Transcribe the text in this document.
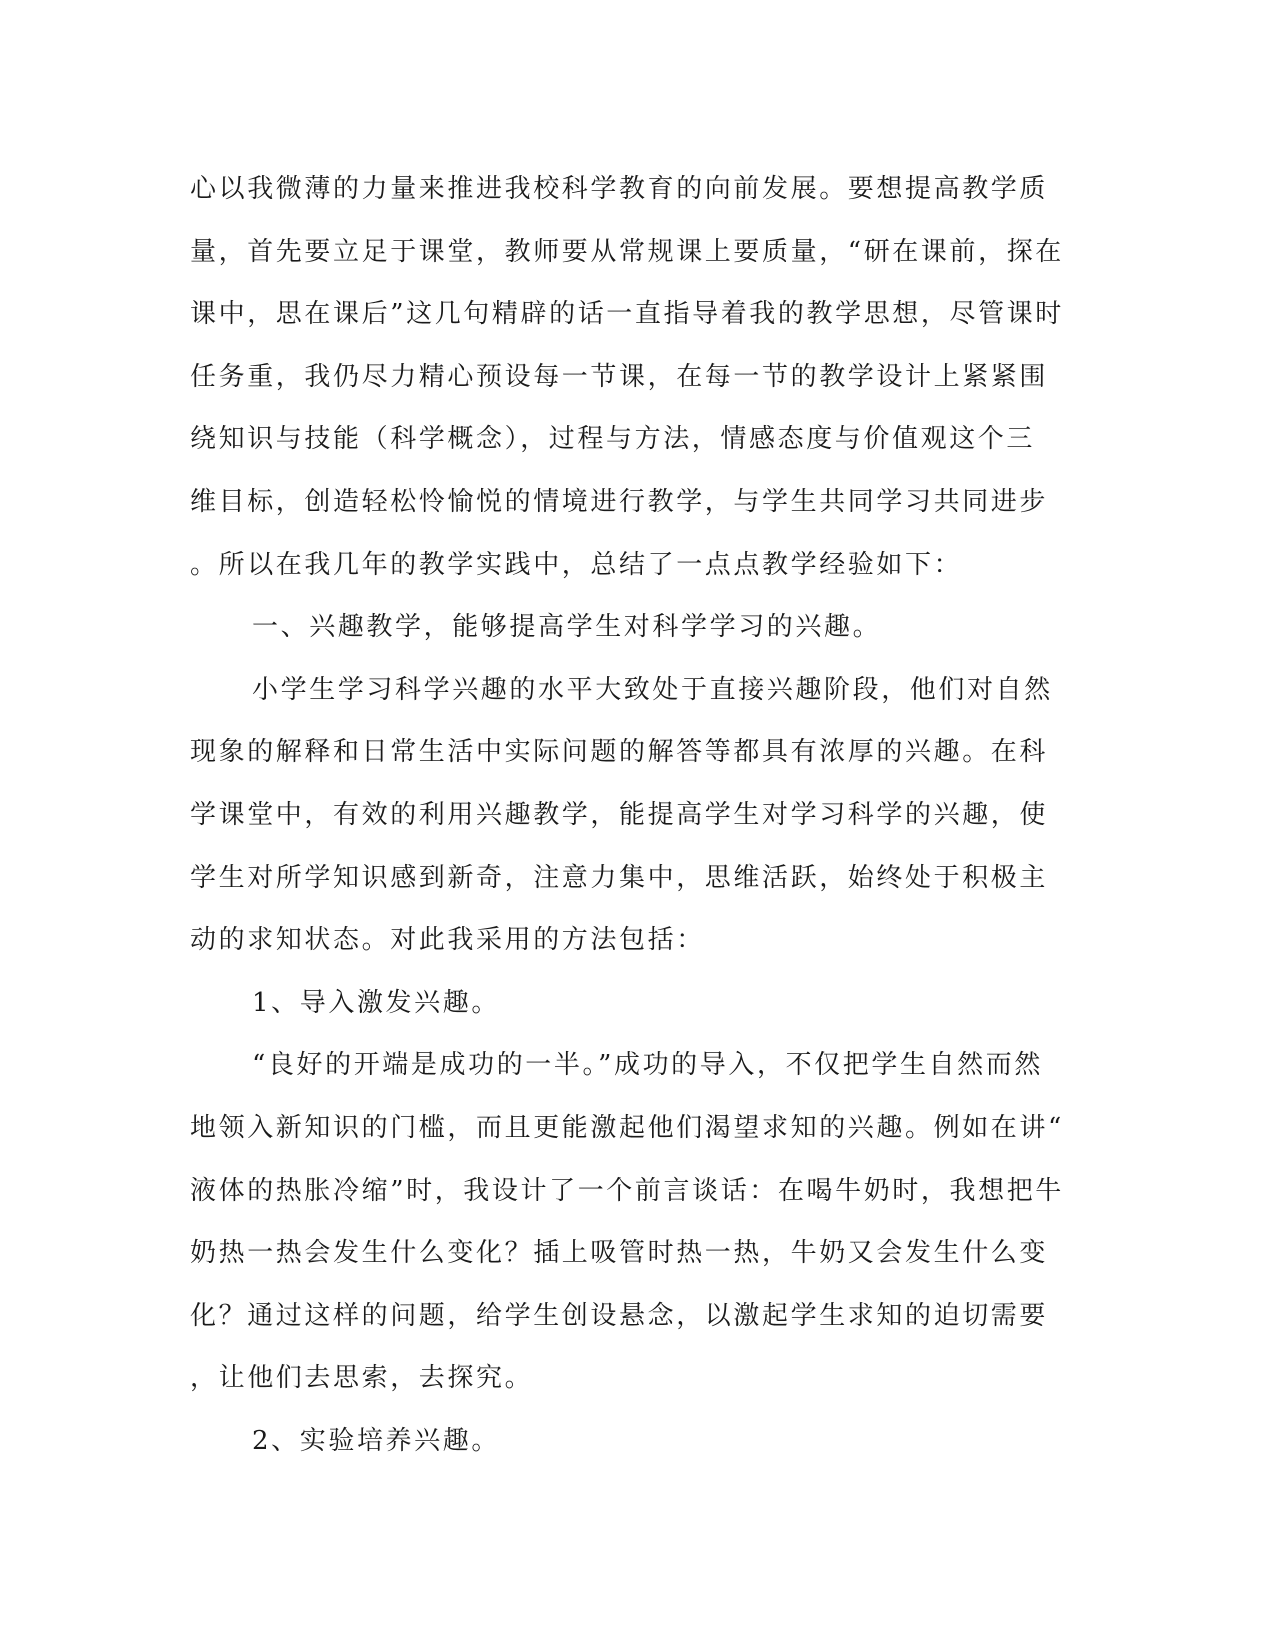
心以我微薄的力量来推进我校科学教育的向前发展。要想提高教学质
量，首先要立足于课堂，教师要从常规课上要质量，“研在课前，探在
课中，思在课后”这几句精辟的话一直指导着我的教学思想，尽管课时
任务重，我仍尽力精心预设每一节课，在每一节的教学设计上紧紧围
绕知识与技能（科学概念），过程与方法，情感态度与价值观这个三
维目标，创造轻松怜愉悦的情境进行教学，与学生共同学习共同进步
。所以在我几年的教学实践中，总结了一点点教学经验如下：
一、兴趣教学，能够提高学生对科学学习的兴趣。
小学生学习科学兴趣的水平大致处于直接兴趣阶段，他们对自然
现象的解释和日常生活中实际问题的解答等都具有浓厚的兴趣。在科
学课堂中，有效的利用兴趣教学，能提高学生对学习科学的兴趣，使
学生对所学知识感到新奇，注意力集中，思维活跃，始终处于积极主
动的求知状态。对此我采用的方法包括：
1、导入激发兴趣。
“良好的开端是成功的一半。”成功的导入，不仅把学生自然而然
地领入新知识的门槛，而且更能激起他们渴望求知的兴趣。例如在讲“
液体的热胀冷缩”时，我设计了一个前言谈话：在喝牛奶时，我想把牛
奶热一热会发生什么变化？插上吸管时热一热，牛奶又会发生什么变
化？通过这样的问题，给学生创设悬念，以激起学生求知的迫切需要
，让他们去思索，去探究。
2、实验培养兴趣。
